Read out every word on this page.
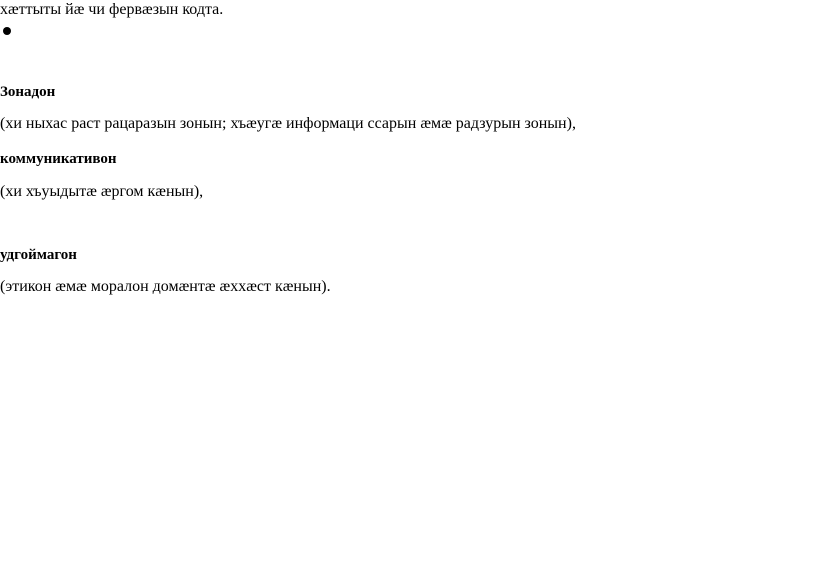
хæттыты йæ чи фервæзын кодта.
Зонадон
(хи ныхас раст рацаразын зонын; хъæугæ информаци ссарын æмæ радзурын зонын),
коммуникативон
(хи хъуыдытæ æргом кæнын),
удгоймагон
(этикон æмæ моралон домæнтæ æххæст кæнын).
